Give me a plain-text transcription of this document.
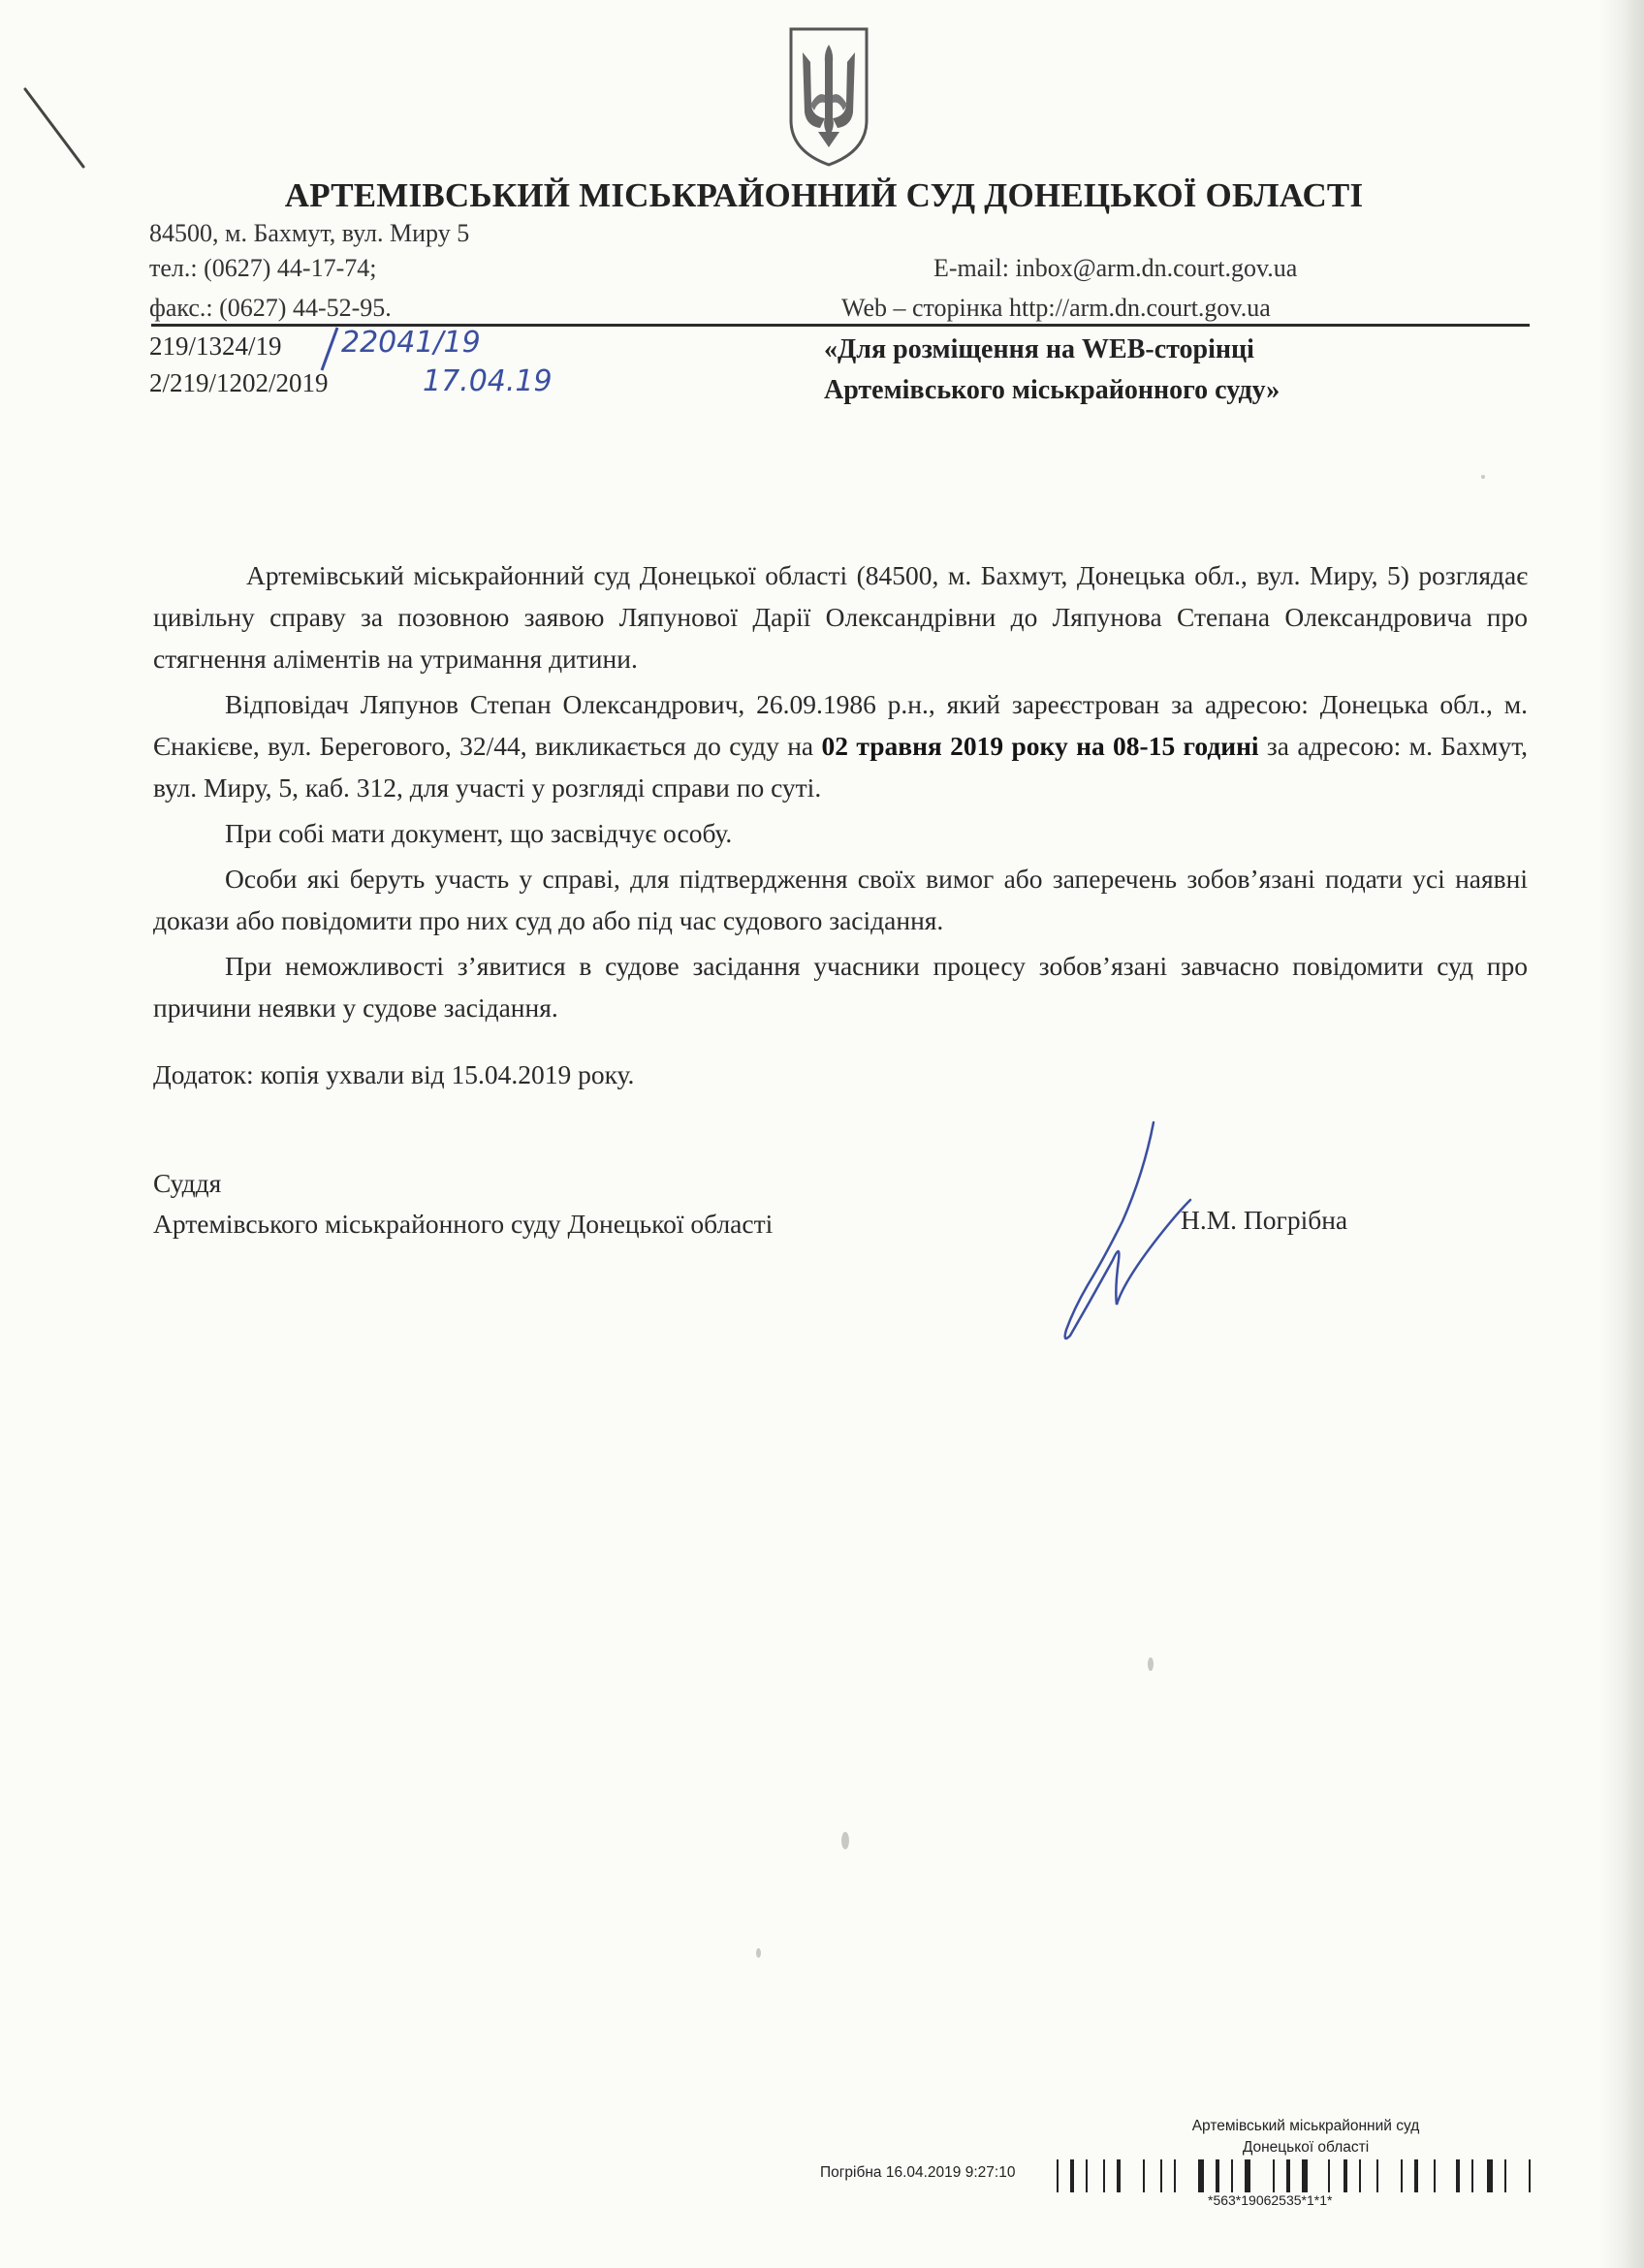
АРТЕМІВСЬКИЙ МІСЬКРАЙОННИЙ СУД ДОНЕЦЬКОЇ ОБЛАСТІ
84500, м. Бахмут, вул. Миру 5
тел.: (0627) 44-17-74;	E-mail: inbox@arm.dn.court.gov.ua
факс.: (0627) 44-52-95.	Web – сторінка http://arm.dn.court.gov.ua
219/1324/19 22041/19
2/219/1202/2019	17.04.19
«Для розміщення на WEB-сторінці
Артемівського міськрайонного суду»

Артемівський міськрайонний суд Донецької області (84500, м. Бахмут, Донецька обл., вул. Миру, 5) розглядає цивільну справу за позовною заявою Ляпунової Дарії Олександрівни до Ляпунова Степана Олександровича про стягнення аліментів на утримання дитини.

Відповідач Ляпунов Степан Олександрович, 26.09.1986 р.н., який зареєстрован за адресою: Донецька обл., м. Єнакієве, вул. Берегового, 32/44, викликається до суду на 02 травня 2019 року на 08-15 годині за адресою: м. Бахмут, вул. Миру, 5, каб. 312, для участі у розгляді справи по суті.

При собі мати документ, що засвідчує особу.

Особи які беруть участь у справі, для підтвердження своїх вимог або заперечень зобов’язані подати усі наявні докази або повідомити про них суд до або під час судового засідання.

При неможливості з’явитися в судове засідання учасники процесу зобов’язані завчасно повідомити суд про причини неявки у судове засідання.

Додаток: копія ухвали від 15.04.2019 року.
Суддя
Артемівського міськрайонного суду Донецької області	Н.М. Погрібна
Артемівський міськрайонний суд
Донецької області
Погрібна 16.04.2019 9:27:10
*563*19062535*1*1*
